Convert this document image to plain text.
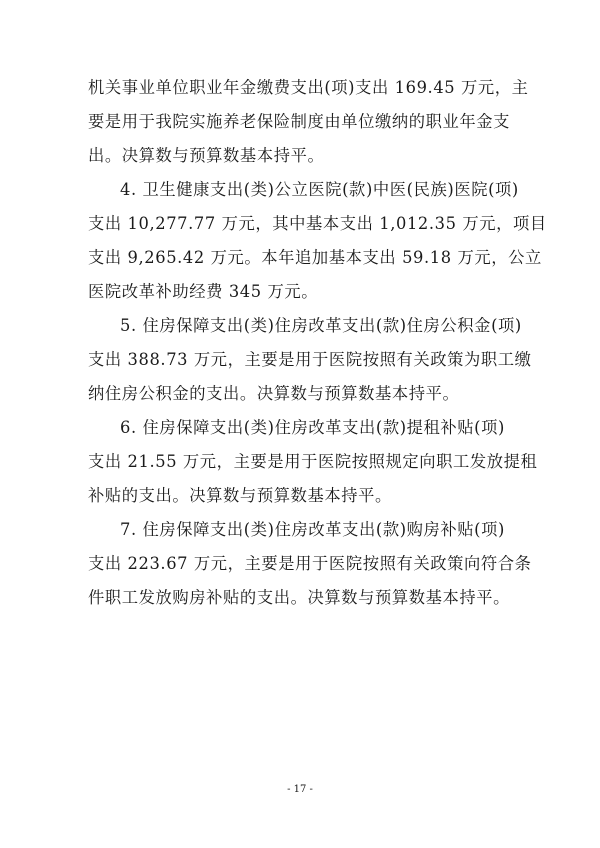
机关事业单位职业年金缴费支出(项)支出 169.45 万元，主
要是用于我院实施养老保险制度由单位缴纳的职业年金支
出。决算数与预算数基本持平。
4. 卫生健康支出(类)公立医院(款)中医(民族)医院(项)
支出 10,277.77 万元，其中基本支出 1,012.35 万元，项目
支出 9,265.42 万元。本年追加基本支出 59.18 万元，公立
医院改革补助经费 345 万元。
5. 住房保障支出(类)住房改革支出(款)住房公积金(项)
支出 388.73 万元，主要是用于医院按照有关政策为职工缴
纳住房公积金的支出。决算数与预算数基本持平。
6. 住房保障支出(类)住房改革支出(款)提租补贴(项)
支出 21.55 万元，主要是用于医院按照规定向职工发放提租
补贴的支出。决算数与预算数基本持平。
7. 住房保障支出(类)住房改革支出(款)购房补贴(项)
支出 223.67 万元，主要是用于医院按照有关政策向符合条
件职工发放购房补贴的支出。决算数与预算数基本持平。
- 17 -
